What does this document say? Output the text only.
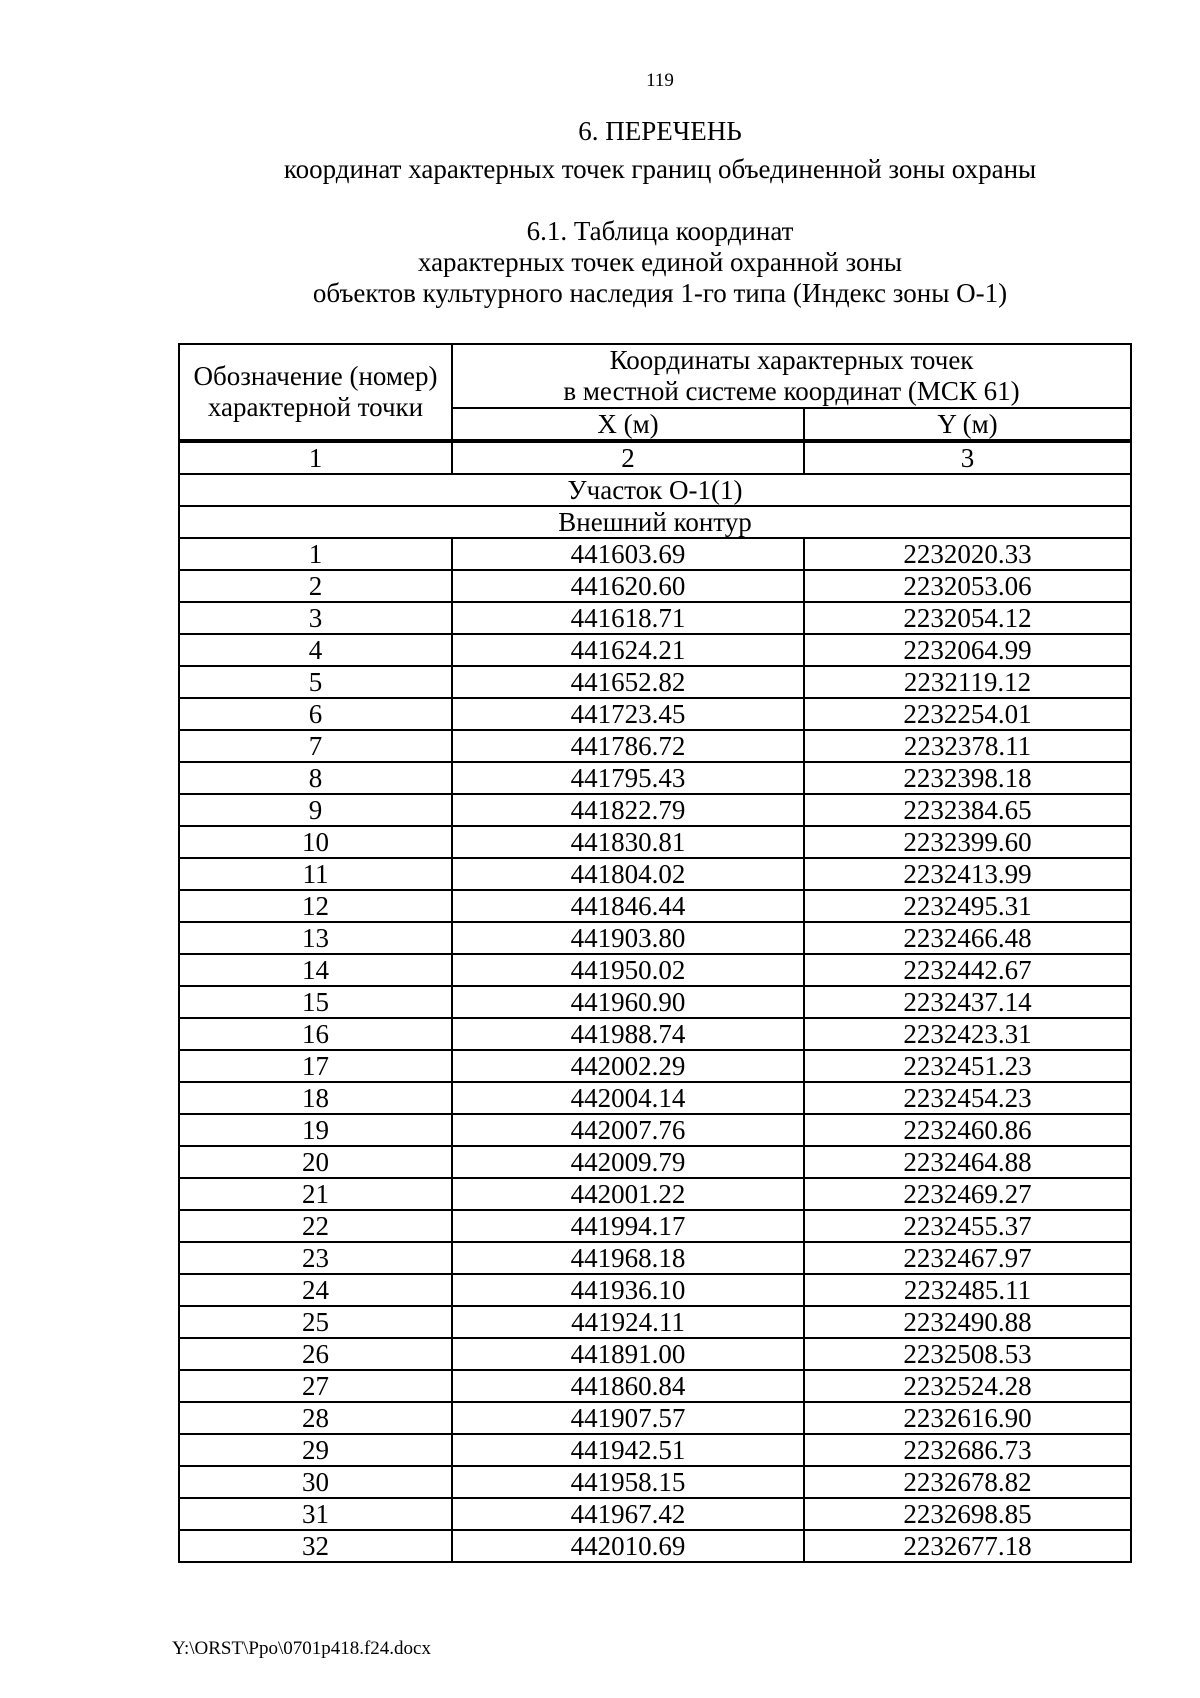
119
6. ПЕРЕЧЕНЬ
координат характерных точек границ объединенной зоны охраны
6.1. Таблица координат
характерных точек единой охранной зоны
объектов культурного наследия 1-го типа (Индекс зоны О-1)
Обозначение (номер)
характерной точки	Координаты характерных точек
в местной системе координат (МСК 61)	
	X (м)	Y (м)
1	2	3
Участок О-1(1)		
Внешний контур		
1	441603.69	2232020.33
2	441620.60	2232053.06
3	441618.71	2232054.12
4	441624.21	2232064.99
5	441652.82	2232119.12
6	441723.45	2232254.01
7	441786.72	2232378.11
8	441795.43	2232398.18
9	441822.79	2232384.65
10	441830.81	2232399.60
11	441804.02	2232413.99
12	441846.44	2232495.31
13	441903.80	2232466.48
14	441950.02	2232442.67
15	441960.90	2232437.14
16	441988.74	2232423.31
17	442002.29	2232451.23
18	442004.14	2232454.23
19	442007.76	2232460.86
20	442009.79	2232464.88
21	442001.22	2232469.27
22	441994.17	2232455.37
23	441968.18	2232467.97
24	441936.10	2232485.11
25	441924.11	2232490.88
26	441891.00	2232508.53
27	441860.84	2232524.28
28	441907.57	2232616.90
29	441942.51	2232686.73
30	441958.15	2232678.82
31	441967.42	2232698.85
32	442010.69	2232677.18
Y:\ORST\Ppo\0701p418.f24.docx
